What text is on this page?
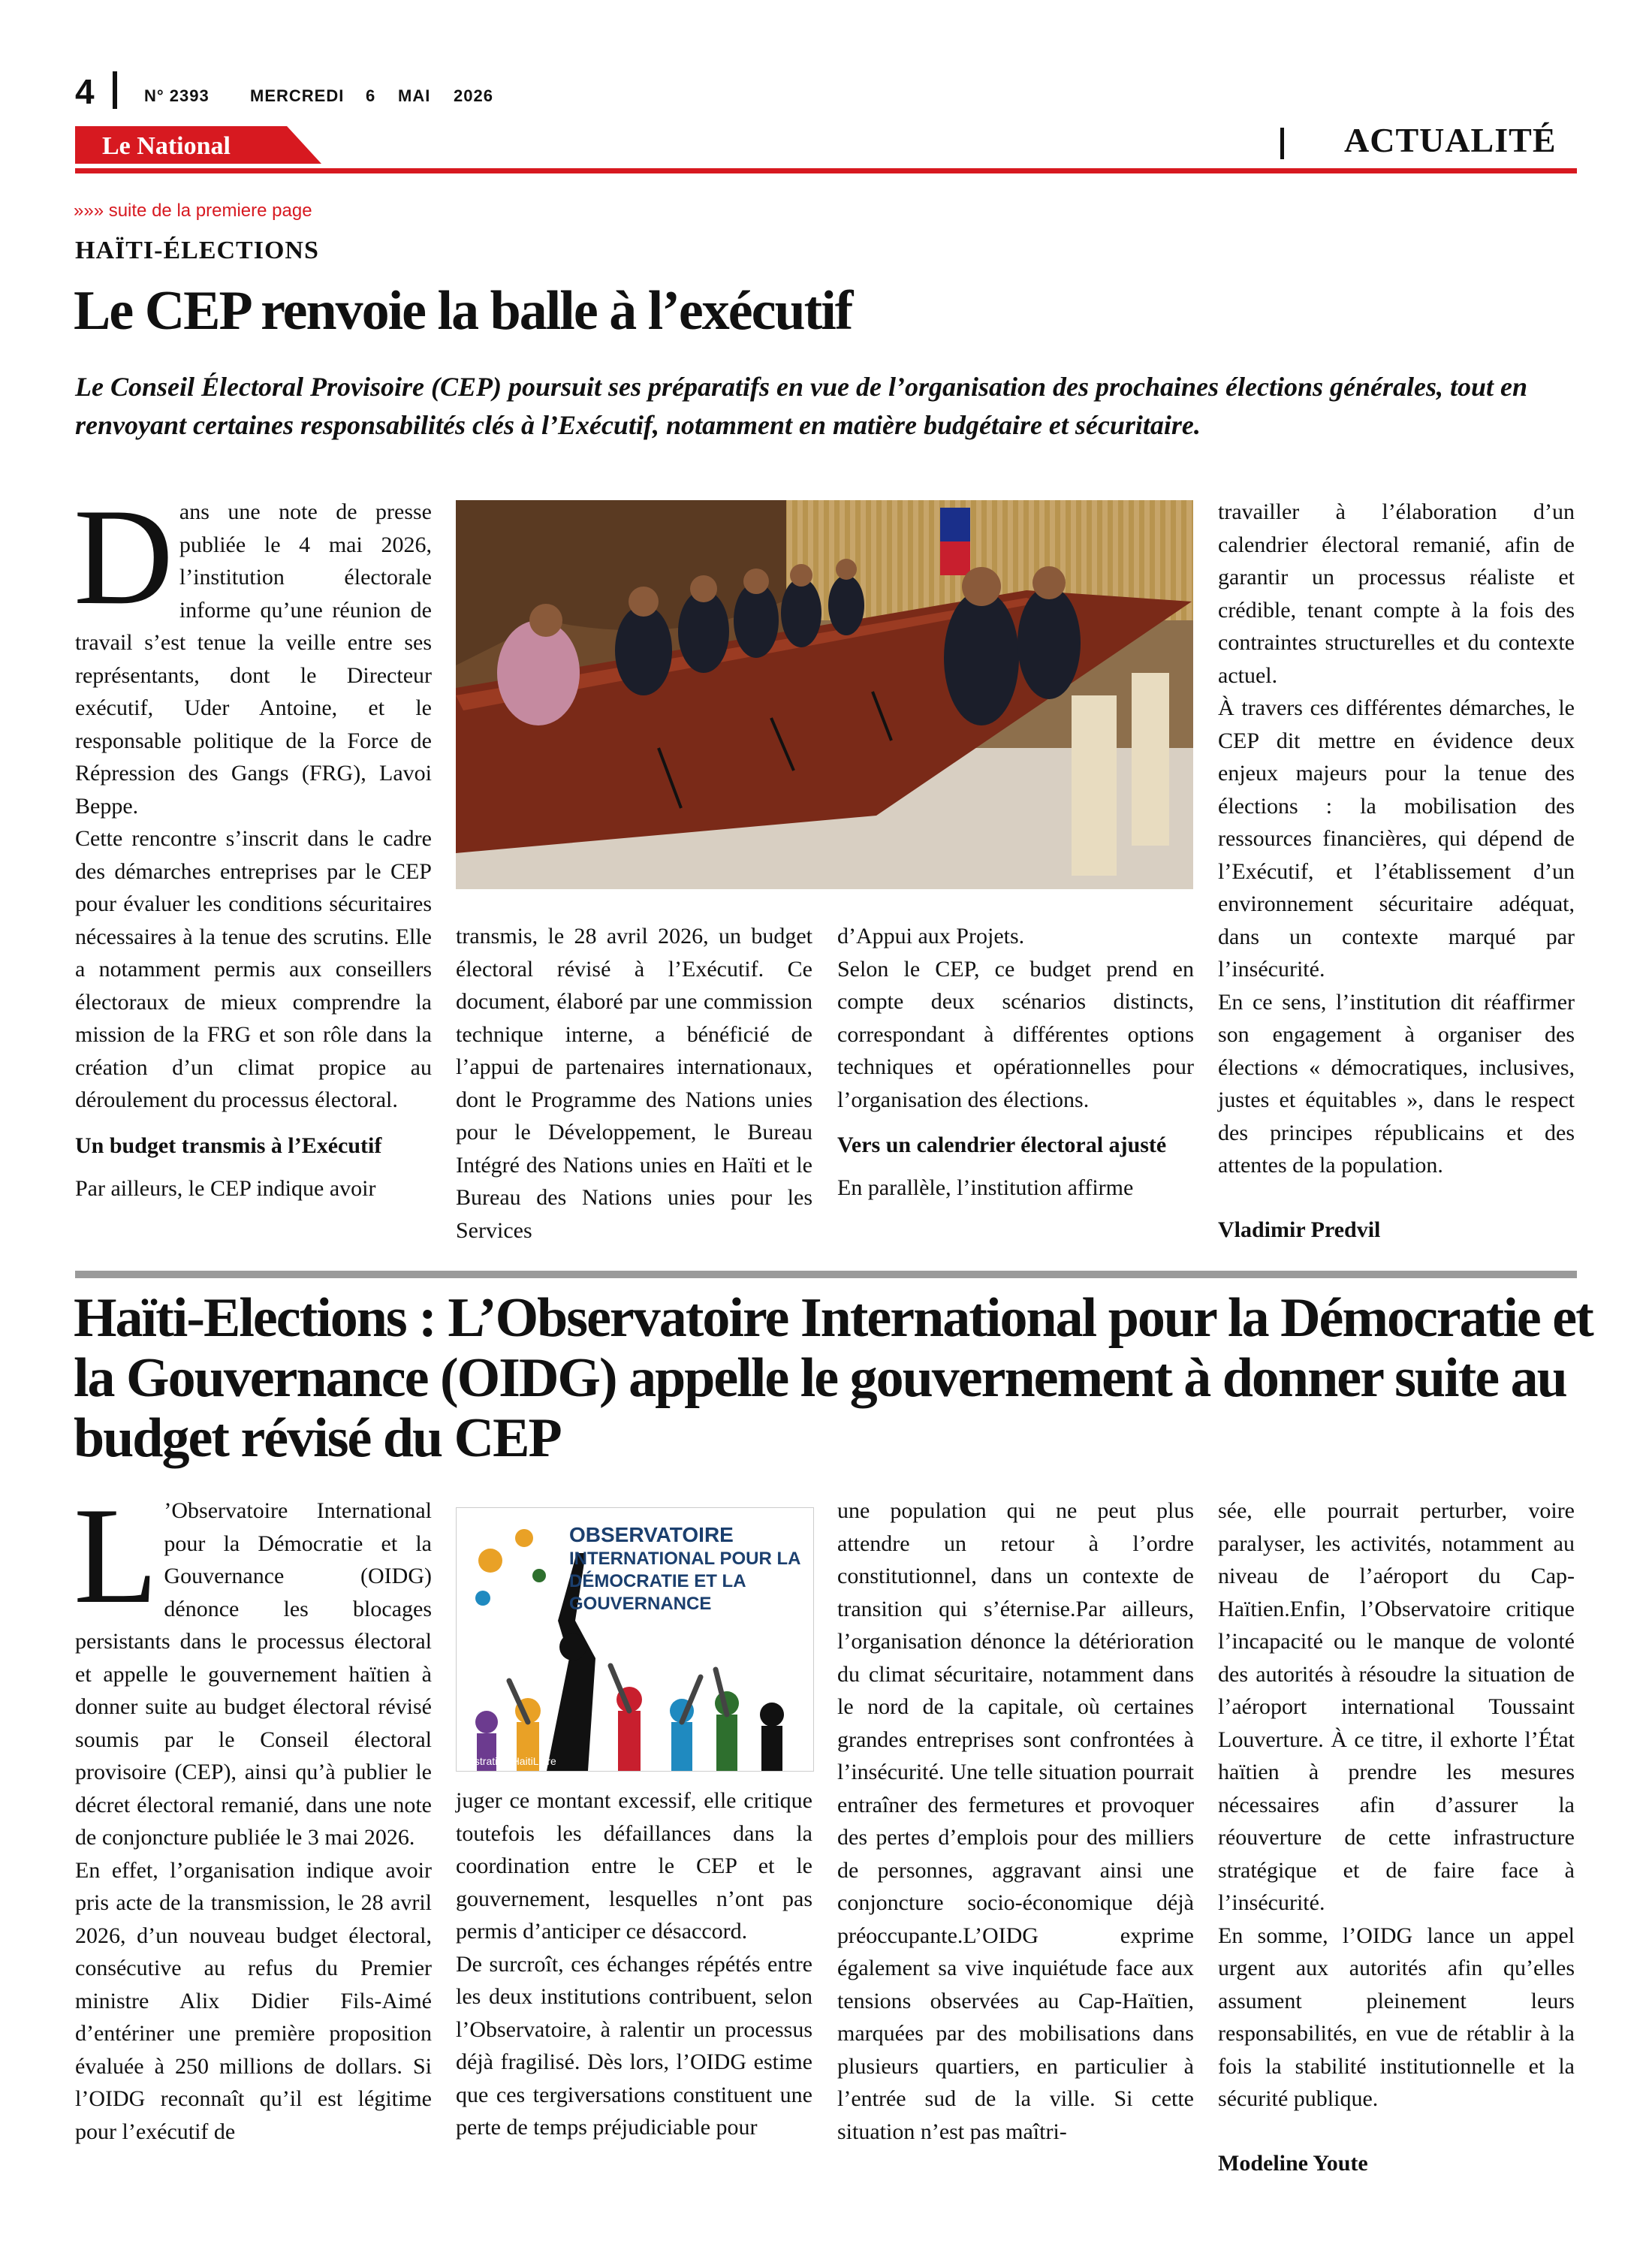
4	N° 2393 MERCREDI 6 MAI 2026
Le National	ACTUALITÉ
»»» suite de la premiere page
HAÏTI-ÉLECTIONS
Le CEP renvoie la balle à l’exécutif
Le Conseil Électoral Provisoire (CEP) poursuit ses préparatifs en vue de l’organisation des prochaines élections générales, tout en renvoyant certaines responsabilités clés à l’Exécutif, notamment en matière budgétaire et sécuritaire.
D ans une note de presse publiée le 4 mai 2026, l’institution électorale informe qu’une réunion de travail s’est tenue la veille entre ses représentants, dont le Directeur exécutif, Uder Antoine, et le responsable politique de la Force de Répression des Gangs (FRG), Lavoi Beppe.

Cette rencontre s’inscrit dans le cadre des démarches entreprises par le CEP pour évaluer les conditions sécuritaires nécessaires à la tenue des scrutins. Elle a notamment permis aux conseillers électoraux de mieux comprendre la mission de la FRG et son rôle dans la création d’un climat propice au déroulement du processus électoral.

Un budget transmis à l’Exécutif

Par ailleurs, le CEP indique avoir

transmis, le 28 avril 2026, un budget électoral révisé à l’Exécutif. Ce document, élaboré par une commission technique interne, a bénéficié de l’appui de partenaires internationaux, dont le Programme des Nations unies pour le Développement, le Bureau Intégré des Nations unies en Haïti et le Bureau des Nations unies pour les Services

d’Appui aux Projets.

Selon le CEP, ce budget prend en compte deux scénarios distincts, correspondant à différentes options techniques et opérationnelles pour l’organisation des élections.

Vers un calendrier électoral ajusté

En parallèle, l’institution affirme

travailler à l’élaboration d’un calendrier électoral remanié, afin de garantir un processus réaliste et crédible, tenant compte à la fois des contraintes structurelles et du contexte actuel.

À travers ces différentes démarches, le CEP dit mettre en évidence deux enjeux majeurs pour la tenue des élections : la mobilisation des ressources financières, qui dépend de l’Exécutif, et l’établissement d’un environnement sécuritaire adéquat, dans un contexte marqué par l’insécurité.

En ce sens, l’institution dit réaffirmer son engagement à organiser des élections « démocratiques, inclusives, justes et équitables », dans le respect des principes républicains et des attentes de la population.

Vladimir Predvil
Haïti-Elections : L’Observatoire International pour la Démocratie et la Gouvernance (OIDG) appelle le gouvernement à donner suite au budget révisé du CEP
L ’Observatoire International pour la Démocratie et la Gouvernance (OIDG) dénonce les blocages persistants dans le processus électoral et appelle le gouvernement haïtien à donner suite au budget électoral révisé soumis par le Conseil électoral provisoire (CEP), ainsi qu’à publier le décret électoral remanié, dans une note de conjoncture publiée le 3 mai 2026.

En effet, l’organisation indique avoir pris acte de la transmission, le 28 avril 2026, d’un nouveau budget électoral, consécutive au refus du Premier ministre Alix Didier Fils-Aimé d’entériner une première proposition évaluée à 250 millions de dollars. Si l’OIDG reconnaît qu’il est légitime pour l’exécutif de

OBSERVATOIRE
INTERNATIONAL POUR LA
DÉMOCRATIE ET LA
GOUVERNANCE
Illustration HaitiLibre

juger ce montant excessif, elle critique toutefois les défaillances dans la coordination entre le CEP et le gouvernement, lesquelles n’ont pas permis d’anticiper ce désaccord.

De surcroît, ces échanges répétés entre les deux institutions contribuent, selon l’Observatoire, à ralentir un processus déjà fragilisé. Dès lors, l’OIDG estime que ces tergiversations constituent une perte de temps préjudiciable pour

une population qui ne peut plus attendre un retour à l’ordre constitutionnel, dans un contexte de transition qui s’éternise.Par ailleurs, l’organisation dénonce la détérioration du climat sécuritaire, notamment dans le nord de la capitale, où certaines grandes entreprises sont confrontées à l’insécurité. Une telle situation pourrait entraîner des fermetures et provoquer des pertes d’emplois pour des milliers de personnes, aggravant ainsi une conjoncture socio-économique déjà préoccupante.L’OIDG exprime également sa vive inquiétude face aux tensions observées au Cap-Haïtien, marquées par des mobilisations dans plusieurs quartiers, en particulier à l’entrée sud de la ville. Si cette situation n’est pas maîtri-

sée, elle pourrait perturber, voire paralyser, les activités, notamment au niveau de l’aéroport du Cap-Haïtien.Enfin, l’Observatoire critique l’incapacité ou le manque de volonté des autorités à résoudre la situation de l’aéroport international Toussaint Louverture. À ce titre, il exhorte l’État haïtien à prendre les mesures nécessaires afin d’assurer la réouverture de cette infrastructure stratégique et de faire face à l’insécurité.

En somme, l’OIDG lance un appel urgent aux autorités afin qu’elles assument pleinement leurs responsabilités, en vue de rétablir à la fois la stabilité institutionnelle et la sécurité publique.

Modeline Youte
